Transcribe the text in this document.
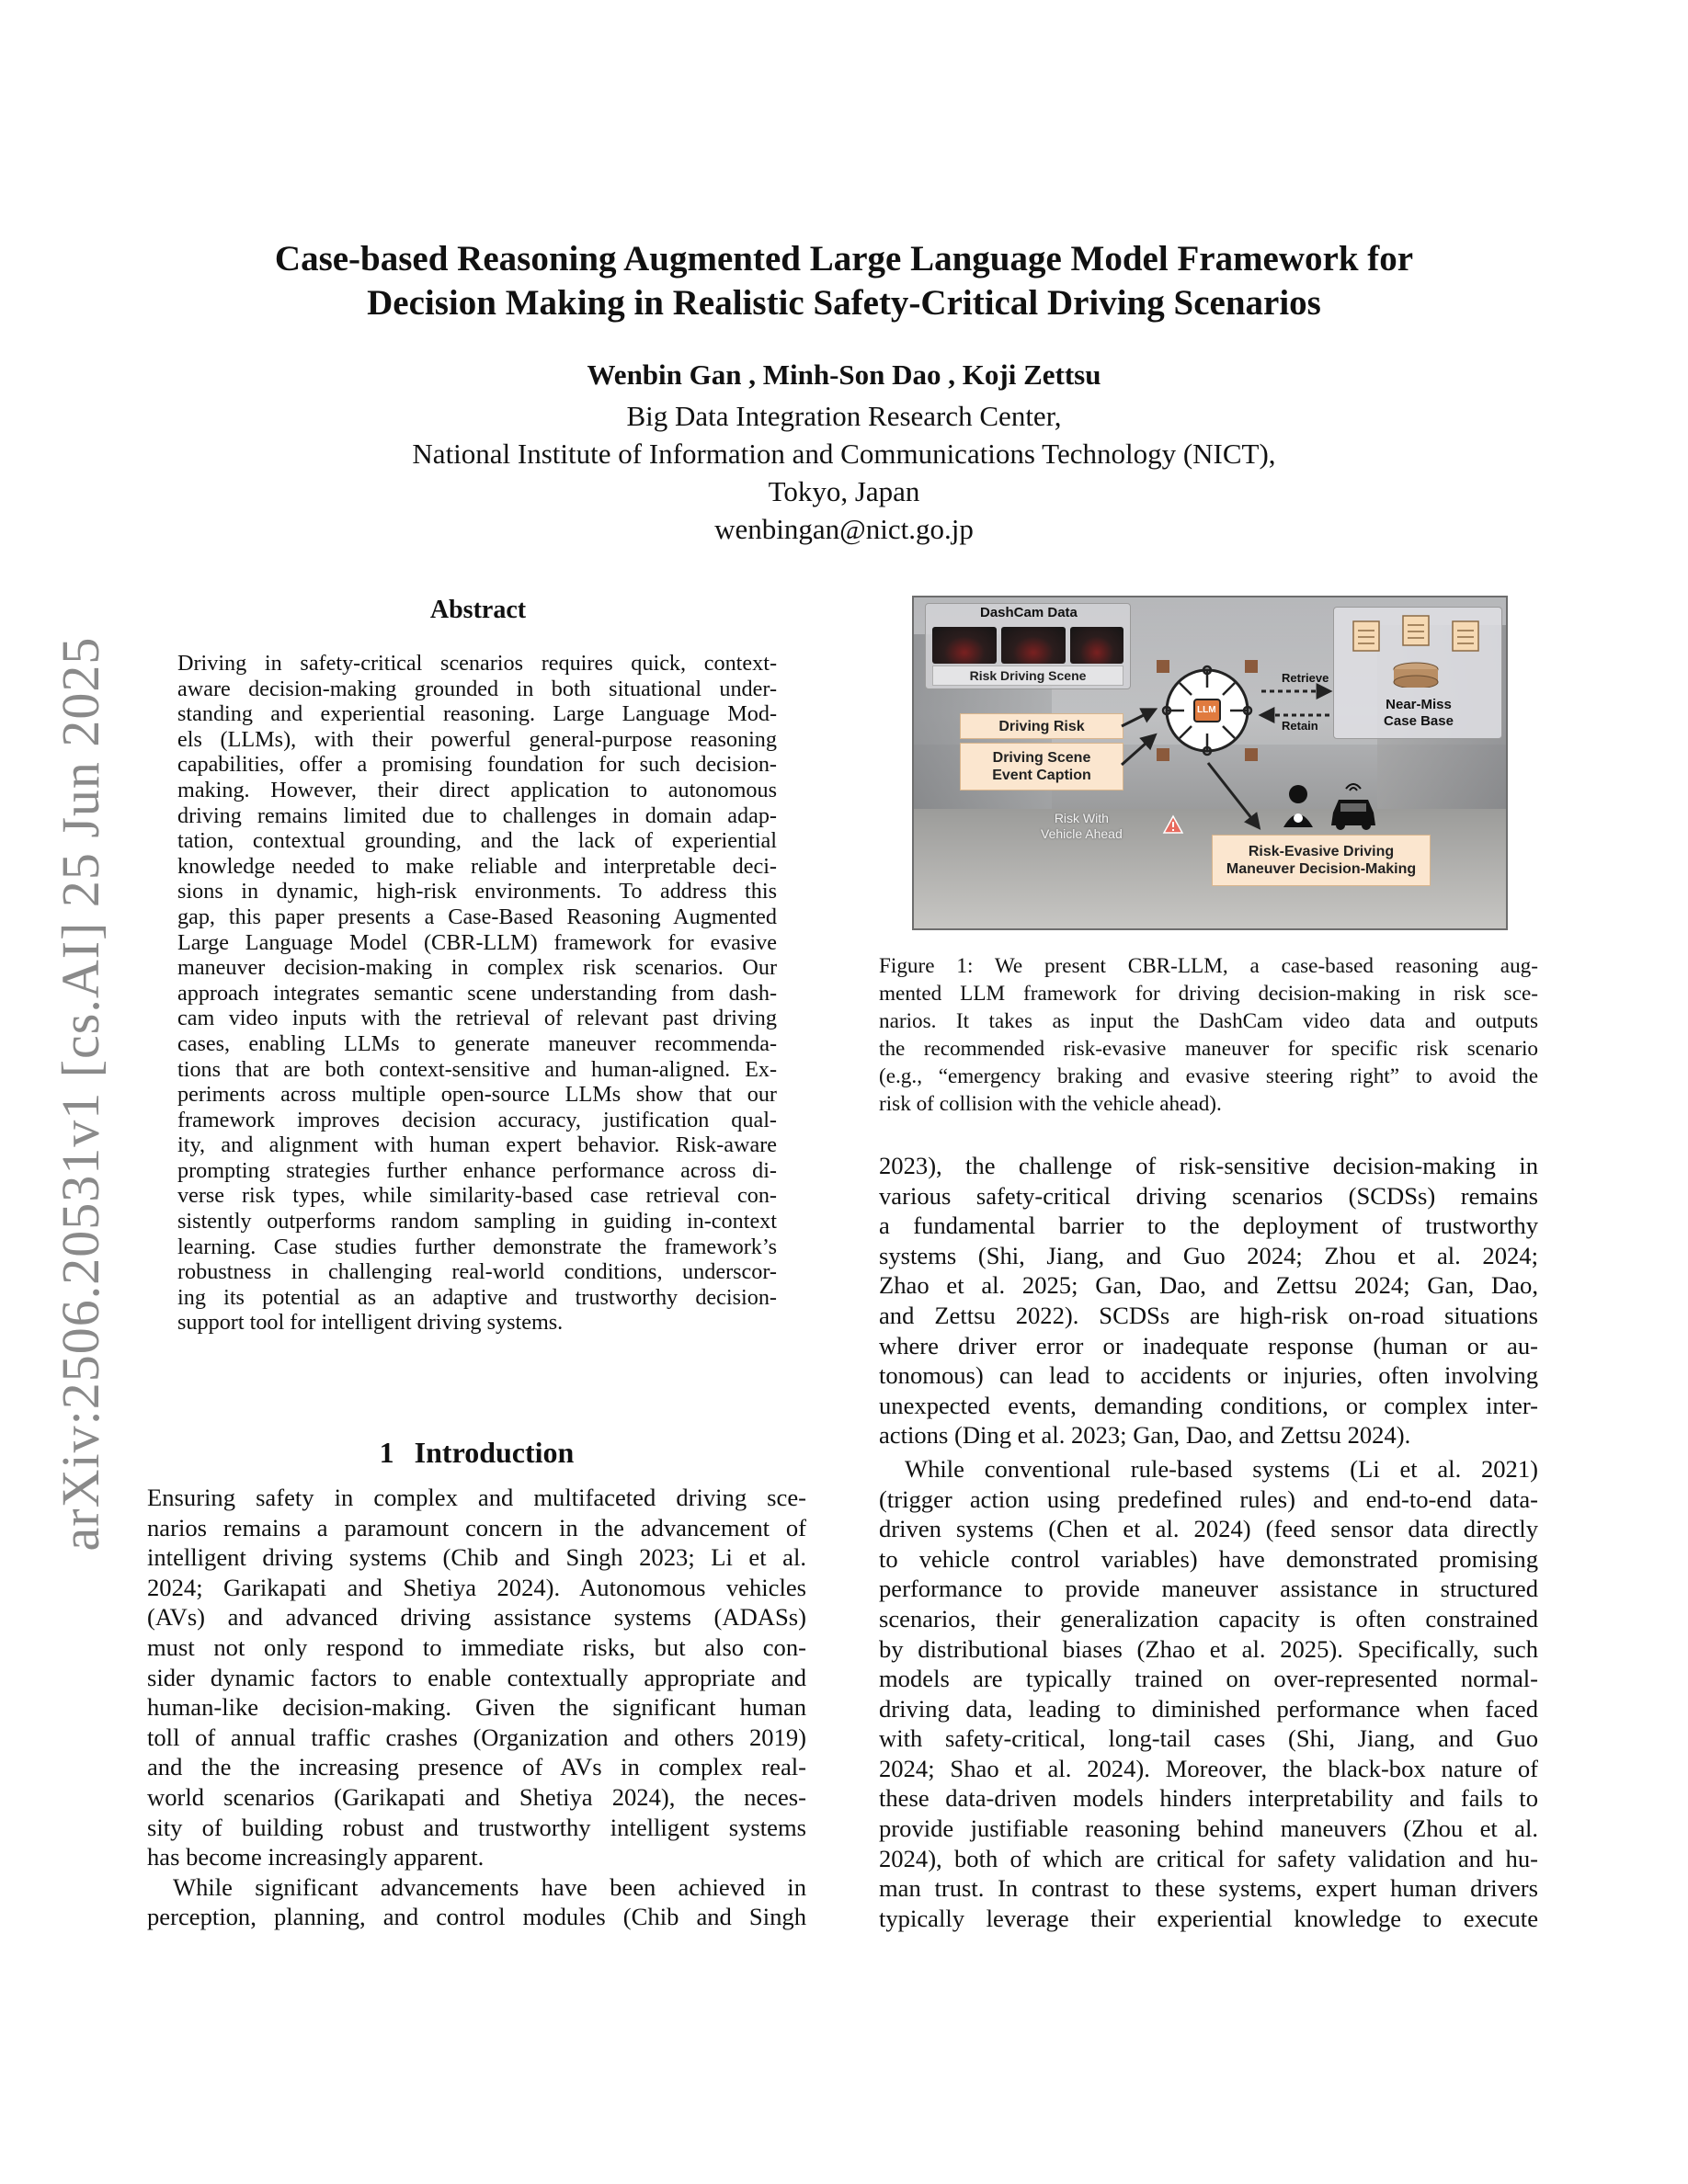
arXiv:2506.20531v1 [cs.AI] 25 Jun 2025
Case-based Reasoning Augmented Large Language Model Framework for
Decision Making in Realistic Safety-Critical Driving Scenarios
Wenbin Gan , Minh-Son Dao , Koji Zettsu
Big Data Integration Research Center,
National Institute of Information and Communications Technology (NICT),
Tokyo, Japan
wenbingan@nict.go.jp
Abstract
Driving in safety-critical scenarios requires quick, context-
aware decision-making grounded in both situational under-
standing and experiential reasoning. Large Language Mod-
els (LLMs), with their powerful general-purpose reasoning
capabilities, offer a promising foundation for such decision-
making. However, their direct application to autonomous
driving remains limited due to challenges in domain adap-
tation, contextual grounding, and the lack of experiential
knowledge needed to make reliable and interpretable deci-
sions in dynamic, high-risk environments. To address this
gap, this paper presents a Case-Based Reasoning Augmented
Large Language Model (CBR-LLM) framework for evasive
maneuver decision-making in complex risk scenarios. Our
approach integrates semantic scene understanding from dash-
cam video inputs with the retrieval of relevant past driving
cases, enabling LLMs to generate maneuver recommenda-
tions that are both context-sensitive and human-aligned. Ex-
periments across multiple open-source LLMs show that our
framework improves decision accuracy, justification qual-
ity, and alignment with human expert behavior. Risk-aware
prompting strategies further enhance performance across di-
verse risk types, while similarity-based case retrieval con-
sistently outperforms random sampling in guiding in-context
learning. Case studies further demonstrate the framework’s
robustness in challenging real-world conditions, underscor-
ing its potential as an adaptive and trustworthy decision-
support tool for intelligent driving systems.
1 Introduction
Ensuring safety in complex and multifaceted driving sce-
narios remains a paramount concern in the advancement of
intelligent driving systems (Chib and Singh 2023; Li et al.
2024; Garikapati and Shetiya 2024). Autonomous vehicles
(AVs) and advanced driving assistance systems (ADASs)
must not only respond to immediate risks, but also con-
sider dynamic factors to enable contextually appropriate and
human-like decision-making. Given the significant human
toll of annual traffic crashes (Organization and others 2019)
and the the increasing presence of AVs in complex real-
world scenarios (Garikapati and Shetiya 2024), the neces-
sity of building robust and trustworthy intelligent systems
has become increasingly apparent.
While significant advancements have been achieved in
perception, planning, and control modules (Chib and Singh
DashCam Data
Risk Driving Scene
Driving Risk
Driving Scene
Event Caption
LLM
Retrieve
Retain
Near-Miss
Case Base
Risk With
Vehicle Ahead
Risk-Evasive Driving
Maneuver Decision-Making
Figure 1: We present CBR-LLM, a case-based reasoning aug-
mented LLM framework for driving decision-making in risk sce-
narios. It takes as input the DashCam video data and outputs
the recommended risk-evasive maneuver for specific risk scenario
(e.g., “emergency braking and evasive steering right” to avoid the
risk of collision with the vehicle ahead).
2023), the challenge of risk-sensitive decision-making in
various safety-critical driving scenarios (SCDSs) remains
a fundamental barrier to the deployment of trustworthy
systems (Shi, Jiang, and Guo 2024; Zhou et al. 2024;
Zhao et al. 2025; Gan, Dao, and Zettsu 2024; Gan, Dao,
and Zettsu 2022). SCDSs are high-risk on-road situations
where driver error or inadequate response (human or au-
tonomous) can lead to accidents or injuries, often involving
unexpected events, demanding conditions, or complex inter-
actions (Ding et al. 2023; Gan, Dao, and Zettsu 2024).
While conventional rule-based systems (Li et al. 2021)
(trigger action using predefined rules) and end-to-end data-
driven systems (Chen et al. 2024) (feed sensor data directly
to vehicle control variables) have demonstrated promising
performance to provide maneuver assistance in structured
scenarios, their generalization capacity is often constrained
by distributional biases (Zhao et al. 2025). Specifically, such
models are typically trained on over-represented normal-
driving data, leading to diminished performance when faced
with safety-critical, long-tail cases (Shi, Jiang, and Guo
2024; Shao et al. 2024). Moreover, the black-box nature of
these data-driven models hinders interpretability and fails to
provide justifiable reasoning behind maneuvers (Zhou et al.
2024), both of which are critical for safety validation and hu-
man trust. In contrast to these systems, expert human drivers
typically leverage their experiential knowledge to execute
